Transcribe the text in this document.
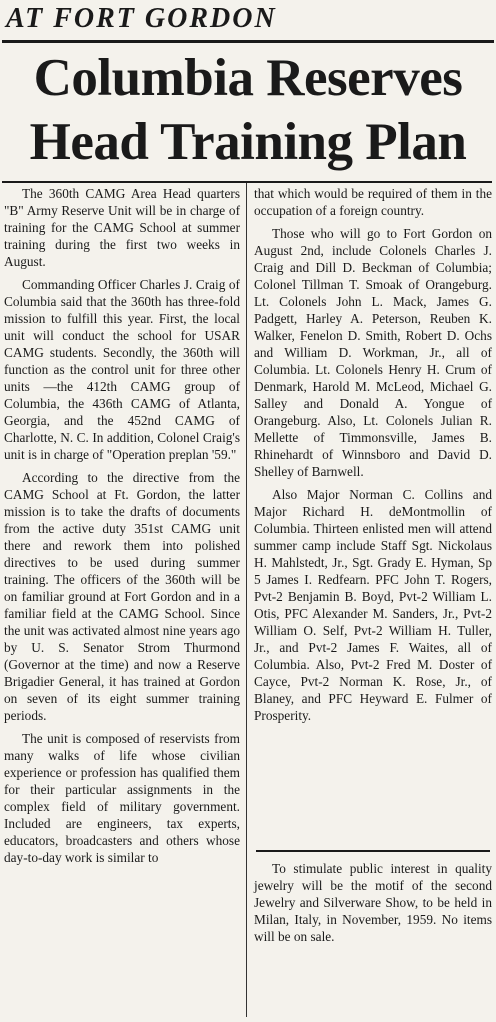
AT FORT GORDON
Columbia Reserves
Head Training Plan

The 360th CAMG Area Head quarters "B" Army Reserve Unit will be in charge of training for the CAMG School at summer training during the first two weeks in August.

Commanding Officer Charles J. Craig of Columbia said that the 360th has three-fold mission to fulfill this year. First, the local unit will conduct the school for USAR CAMG students. Secondly, the 360th will function as the control unit for three other units —the 412th CAMG group of Columbia, the 436th CAMG of Atlanta, Georgia, and the 452nd CAMG of Charlotte, N. C. In addition, Colonel Craig's unit is in charge of "Operation preplan '59."

According to the directive from the CAMG School at Ft. Gordon, the latter mission is to take the drafts of documents from the active duty 351st CAMG unit there and rework them into polished directives to be used during summer training. The officers of the 360th will be on familiar ground at Fort Gordon and in a familiar field at the CAMG School. Since the unit was activated almost nine years ago by U. S. Senator Strom Thurmond (Governor at the time) and now a Reserve Brigadier General, it has trained at Gordon on seven of its eight summer training periods.

The unit is composed of reservists from many walks of life whose civilian experience or profession has qualified them for their particular assignments in the complex field of military government. Included are engineers, tax experts, educators, broadcasters and others whose day-to-day work is similar to

that which would be required of them in the occupation of a foreign country.

Those who will go to Fort Gordon on August 2nd, include Colonels Charles J. Craig and Dill D. Beckman of Columbia; Colonel Tillman T. Smoak of Orangeburg. Lt. Colonels John L. Mack, James G. Padgett, Harley A. Peterson, Reuben K. Walker, Fenelon D. Smith, Robert D. Ochs and William D. Workman, Jr., all of Columbia. Lt. Colonels Henry H. Crum of Denmark, Harold M. McLeod, Michael G. Salley and Donald A. Yongue of Orangeburg. Also, Lt. Colonels Julian R. Mellette of Timmonsville, James B. Rhinehardt of Winnsboro and David D. Shelley of Barnwell.

Also Major Norman C. Collins and Major Richard H. deMontmollin of Columbia. Thirteen enlisted men will attend summer camp include Staff Sgt. Nickolaus H. Mahlstedt, Jr., Sgt. Grady E. Hyman, Sp 5 James I. Redfearn. PFC John T. Rogers, Pvt-2 Benjamin B. Boyd, Pvt-2 William L. Otis, PFC Alexander M. Sanders, Jr., Pvt-2 William O. Self, Pvt-2 William H. Tuller, Jr., and Pvt-2 James F. Waites, all of Columbia. Also, Pvt-2 Fred M. Doster of Cayce, Pvt-2 Norman K. Rose, Jr., of Blaney, and PFC Heyward E. Fulmer of Prosperity.

To stimulate public interest in quality jewelry will be the motif of the second Jewelry and Silverware Show, to be held in Milan, Italy, in November, 1959. No items will be on sale.
